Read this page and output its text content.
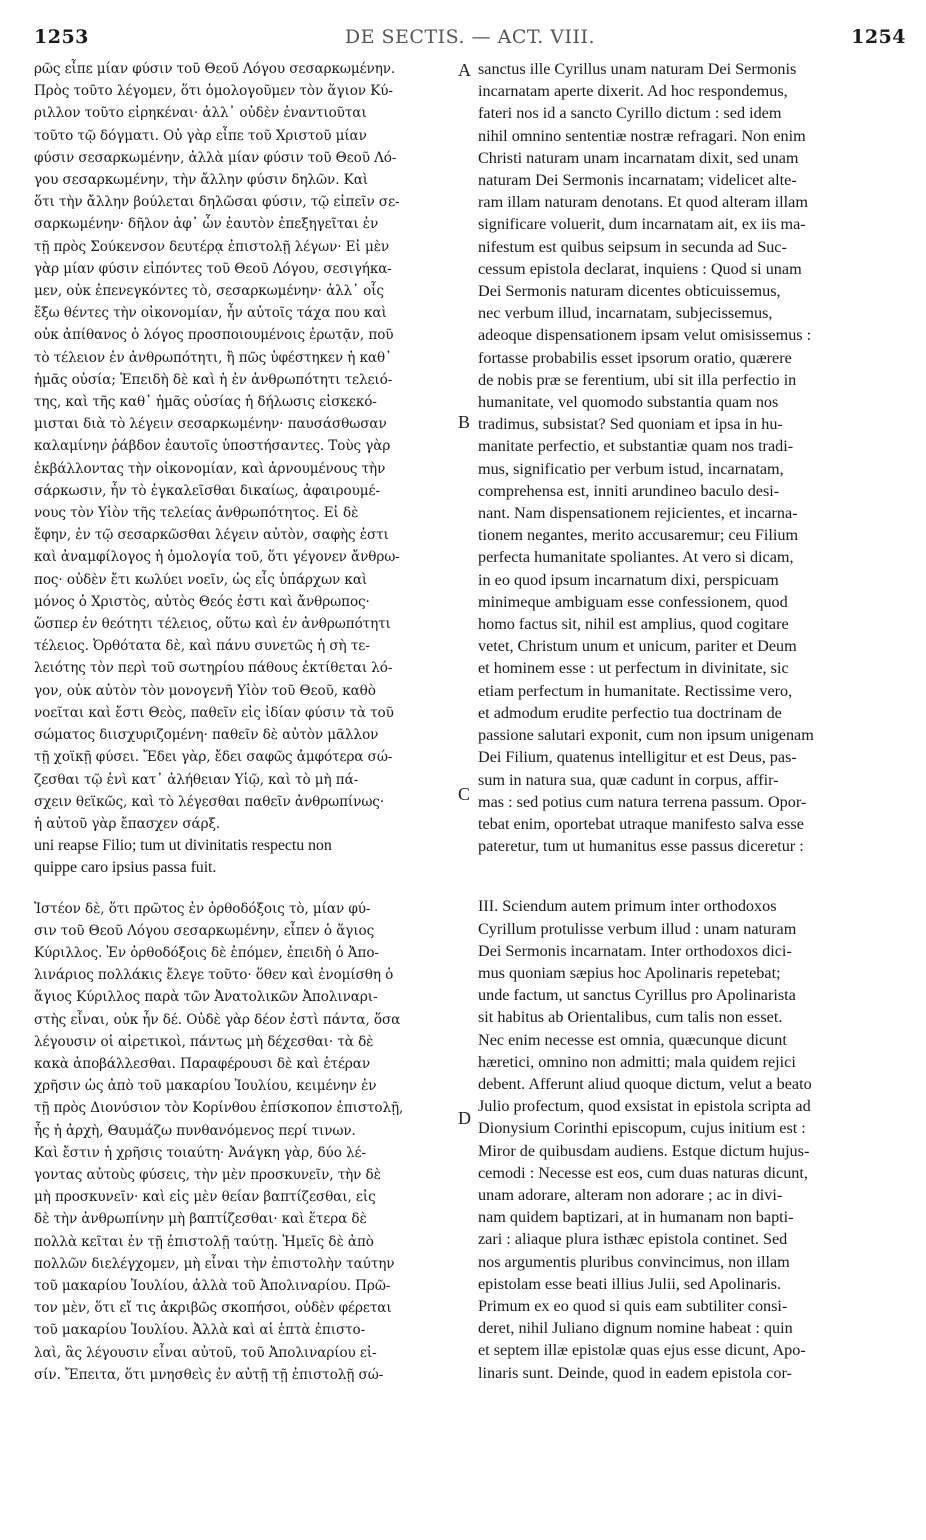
1253	DE SECTIS. — ACT. VIII.	1254

ρῶς εἶπε μίαν φύσιν τοῦ Θεοῦ Λόγου σεσαρκωμένην.

Πρὸς τοῦτο λέγομεν, ὅτι ὁμολογοῦμεν τὸν ἅγιον Κύ-

ριλλον τοῦτο εἰρηκέναι· ἀλλ᾽ οὐδὲν ἐναντιοῦται

τοῦτο τῷ δόγματι. Οὐ γὰρ εἶπε τοῦ Χριστοῦ μίαν

φύσιν σεσαρκωμένην, ἀλλὰ μίαν φύσιν τοῦ Θεοῦ Λό-

γου σεσαρκωμένην, τὴν ἄλλην φύσιν δηλῶν. Καὶ

ὅτι τὴν ἄλλην βούλεται δηλῶσαι φύσιν, τῷ εἰπεῖν σε-

σαρκωμένην· δῆλον ἀφ᾽ ὧν ἑαυτὸν ἐπεξηγεῖται ἐν

τῇ πρὸς Σούκενσον δευτέρᾳ ἐπιστολῇ λέγων· Εἰ μὲν

γὰρ μίαν φύσιν εἰπόντες τοῦ Θεοῦ Λόγου, σεσιγήκα-

μεν, οὐκ ἐπενεγκόντες τὸ, σεσαρκωμένην· ἀλλ᾽ οἷς

ἔξω θέντες τὴν οἰκονομίαν, ἦν αὐτοῖς τάχα που καὶ

οὐκ ἀπίθανος ὁ λόγος προσποιουμένοις ἐρωτᾷν, ποῦ

τὸ τέλειον ἐν ἀνθρωπότητι, ἢ πῶς ὑφέστηκεν ἡ καθ᾽

ἡμᾶς οὐσία; Ἐπειδὴ δὲ καὶ ἡ ἐν ἀνθρωπότητι τελειό-

της, καὶ τῆς καθ᾽ ἡμᾶς οὐσίας ἡ δήλωσις εἰσκεκό-

μισται διὰ τὸ λέγειν σεσαρκωμένην· παυσάσθωσαν

καλαμίνην ῥάβδον ἑαυτοῖς ὑποστήσαντες. Τοὺς γὰρ

ἐκβάλλοντας τὴν οἰκονομίαν, καὶ ἀρνουμένους τὴν

σάρκωσιν, ἦν τὸ ἐγκαλεῖσθαι δικαίως, ἀφαιρουμέ-

νους τὸν Υἱὸν τῆς τελείας ἀνθρωπότητος. Εἰ δὲ

ἔφην, ἐν τῷ σεσαρκῶσθαι λέγειν αὐτὸν, σαφὴς ἐστι

καὶ ἀναμφίλογος ἡ ὁμολογία τοῦ, ὅτι γέγονεν ἄνθρω-

πος· οὐδὲν ἔτι κωλύει νοεῖν, ὡς εἷς ὑπάρχων καὶ

μόνος ὁ Χριστὸς, αὐτὸς Θεός ἐστι καὶ ἄνθρωπος·

ὥσπερ ἐν θεότητι τέλειος, οὕτω καὶ ἐν ἀνθρωπότητι

τέλειος. Ὀρθότατα δὲ, καὶ πάνυ συνετῶς ἡ σὴ τε-

λειότης τὸν περὶ τοῦ σωτηρίου πάθους ἐκτίθεται λό-

γον, οὐκ αὐτὸν τὸν μονογενῆ Υἱὸν τοῦ Θεοῦ, καθὸ

νοεῖται καὶ ἔστι Θεὸς, παθεῖν εἰς ἰδίαν φύσιν τὰ τοῦ

σώματος διισχυριζομένη· παθεῖν δὲ αὐτὸν μᾶλλον

τῇ χοϊκῇ φύσει. Ἔδει γὰρ, ἔδει σαφῶς ἀμφότερα σώ-

ζεσθαι τῷ ἑνὶ κατ᾽ ἀλήθειαν Υἱῷ, καὶ τὸ μὴ πά-

σχειν θεϊκῶς, καὶ τὸ λέγεσθαι παθεῖν ἀνθρωπίνως·

ἡ αὐτοῦ γὰρ ἔπασχεν σάρξ.

uni reapse Filio; tum ut divinitatis respectu non

quippe caro ipsius passa fuit.

Ἰστέον δὲ, ὅτι πρῶτος ἐν ὀρθοδόξοις τὸ, μίαν φύ-

σιν τοῦ Θεοῦ Λόγου σεσαρκωμένην, εἶπεν ὁ ἅγιος

Κύριλλος. Ἐν ὀρθοδόξοις δὲ ἑπόμεν, ἐπειδὴ ὁ Ἀπο-

λινάριος πολλάκις ἔλεγε τοῦτο· ὅθεν καὶ ἐνομίσθη ὁ

ἅγιος Κύριλλος παρὰ τῶν Ἀνατολικῶν Ἀπολιναρι-

στὴς εἶναι, οὐκ ἦν δέ. Οὐδὲ γὰρ δέον ἐστὶ πάντα, ὅσα

λέγουσιν οἱ αἱρετικοὶ, πάντως μὴ δέχεσθαι· τὰ δὲ

κακὰ ἀποβάλλεσθαι. Παραφέρουσι δὲ καὶ ἑτέραν

χρῆσιν ὡς ἀπὸ τοῦ μακαρίου Ἰουλίου, κειμένην ἐν

τῇ πρὸς Διονύσιον τὸν Κορίνθου ἐπίσκοπον ἐπιστολῇ,

ἧς ἡ ἀρχὴ, Θαυμάζω πυνθανόμενος περί τινων.

Καὶ ἔστιν ἡ χρῆσις τοιαύτη· Ἀνάγκη γὰρ, δύο λέ-

γοντας αὐτοὺς φύσεις, τὴν μὲν προσκυνεῖν, τὴν δὲ

μὴ προσκυνεῖν· καὶ εἰς μὲν θείαν βαπτίζεσθαι, εἰς

δὲ τὴν ἀνθρωπίνην μὴ βαπτίζεσθαι· καὶ ἕτερα δὲ

πολλὰ κεῖται ἐν τῇ ἐπιστολῇ ταύτῃ. Ἡμεῖς δὲ ἀπὸ

πολλῶν διελέγχομεν, μὴ εἶναι τὴν ἐπιστολὴν ταύτην

τοῦ μακαρίου Ἰουλίου, ἀλλὰ τοῦ Ἀπολιναρίου. Πρῶ-

τον μὲν, ὅτι εἴ τις ἀκριβῶς σκοπήσοι, οὐδὲν φέρεται

τοῦ μακαρίου Ἰουλίου. Ἀλλὰ καὶ αἱ ἑπτὰ ἐπιστο-

λαὶ, ἃς λέγουσιν εἶναι αὐτοῦ, τοῦ Ἀπολιναρίου εἰ-

σίν. Ἔπειτα, ὅτι μνησθεὶς ἐν αὐτῇ τῇ ἐπιστολῇ σώ-

sanctus ille Cyrillus unam naturam Dei Sermonis

incarnatam aperte dixerit. Ad hoc respondemus,

fateri nos id a sancto Cyrillo dictum : sed idem

nihil omnino sententiæ nostræ refragari. Non enim

Christi naturam unam incarnatam dixit, sed unam

naturam Dei Sermonis incarnatam; videlicet alte-

ram illam naturam denotans. Et quod alteram illam

significare voluerit, dum incarnatam ait, ex iis ma-

nifestum est quibus seipsum in secunda ad Suc-

cessum epistola declarat, inquiens : Quod si unam

Dei Sermonis naturam dicentes obticuissemus,

nec verbum illud, incarnatam, subjecissemus,

adeoque dispensationem ipsam velut omisissemus :

fortasse probabilis esset ipsorum oratio, quærere

de nobis præ se ferentium, ubi sit illa perfectio in

humanitate, vel quomodo substantia quam nos

tradimus, subsistat? Sed quoniam et ipsa in hu-

manitate perfectio, et substantiæ quam nos tradi-

mus, significatio per verbum istud, incarnatam,

comprehensa est, inniti arundineo baculo desi-

nant. Nam dispensationem rejicientes, et incarna-

tionem negantes, merito accusaremur; ceu Filium

perfecta humanitate spoliantes. At vero si dicam,

in eo quod ipsum incarnatum dixi, perspicuam

minimeque ambiguam esse confessionem, quod

homo factus sit, nihil est amplius, quod cogitare

vetet, Christum unum et unicum, pariter et Deum

et hominem esse : ut perfectum in divinitate, sic

etiam perfectum in humanitate. Rectissime vero,

et admodum erudite perfectio tua doctrinam de

passione salutari exponit, cum non ipsum unigenam

Dei Filium, quatenus intelligitur et est Deus, pas-

sum in natura sua, quæ cadunt in corpus, affir-

mas : sed potius cum natura terrena passum. Opor-

tebat enim, oportebat utraque manifesto salva esse

pateretur, tum ut humanitus esse passus diceretur :

III. Sciendum autem primum inter orthodoxos

Cyrillum protulisse verbum illud : unam naturam

Dei Sermonis incarnatam. Inter orthodoxos dici-

mus quoniam sæpius hoc Apolinaris repetebat;

unde factum, ut sanctus Cyrillus pro Apolinarista

sit habitus ab Orientalibus, cum talis non esset.

Nec enim necesse est omnia, quæcunque dicunt

hæretici, omnino non admitti; mala quidem rejici

debent. Afferunt aliud quoque dictum, velut a beato

Julio profectum, quod exsistat in epistola scripta ad

Dionysium Corinthi episcopum, cujus initium est :

Miror de quibusdam audiens. Estque dictum hujus-

cemodi : Necesse est eos, cum duas naturas dicunt,

unam adorare, alteram non adorare ; ac in divi-

nam quidem baptizari, at in humanam non bapti-

zari : aliaque plura isthæc epistola continet. Sed

nos argumentis pluribus convincimus, non illam

epistolam esse beati illius Julii, sed Apolinaris.

Primum ex eo quod si quis eam subtiliter consi-

deret, nihil Juliano dignum nomine habeat : quin

et septem illæ epistolæ quas ejus esse dicunt, Apo-

linaris sunt. Deinde, quod in eadem epistola cor-

A
B
C
D
